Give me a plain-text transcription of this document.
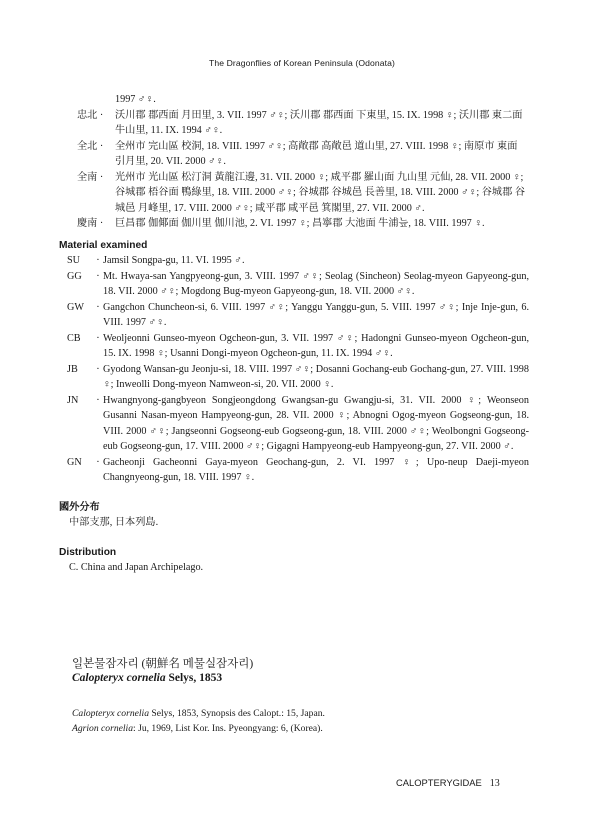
The Dragonflies of Korean Peninsula (Odonata)
1997 ♂♀.
忠北 · 沃川郡 郡西面 月田里, 3. VII. 1997 ♂♀; 沃川郡 郡西面 下東里, 15. IX. 1998 ♀; 沃川郡 東二面 牛山里, 11. IX. 1994 ♂♀.
全北 · 全州市 完山區 校洞, 18. VIII. 1997 ♂♀; 高敞郡 高敞邑 道山里, 27. VIII. 1998 ♀; 南原市 東面 引月里, 20. VII. 2000 ♂♀.
全南 · 光州市 光山區 松汀洞 黃龍江邊, 31. VII. 2000 ♀; 咸平郡 羅山面 九山里 元仙, 28. VII. 2000 ♀; 谷城郡 梧谷面 鴨綠里, 18. VIII. 2000 ♂♀; 谷城郡 谷城邑 長善里, 18. VIII. 2000 ♂♀; 谷城郡 谷城邑 月峰里, 17. VIII. 2000 ♂♀; 咸平郡 咸平邑 箕閣里, 27. VII. 2000 ♂.
慶南 · 巨昌郡 伽倻面 伽川里 伽川池, 2. VI. 1997 ♀; 昌寧郡 大池面 牛浦늪, 18. VIII. 1997 ♀.
Material examined
SU	· Jamsil Songpa-gu, 11. VI. 1995 ♂.
GG	· Mt. Hwaya-san Yangpyeong-gun, 3. VIII. 1997 ♂♀; Seolag (Sincheon) Seolag-myeon Gapyeong-gun, 18. VII. 2000 ♂♀; Mogdong Bug-myeon Gapyeong-gun, 18. VII. 2000 ♂♀.
GW	· Gangchon Chuncheon-si, 6. VIII. 1997 ♂♀; Yanggu Yanggu-gun, 5. VIII. 1997 ♂♀; Inje Inje-gun, 6. VIII. 1997 ♂♀.
CB	· Weoljeonni Gunseo-myeon Ogcheon-gun, 3. VII. 1997 ♂♀; Hadongni Gunseo-myeon Ogcheon-gun, 15. IX. 1998 ♀; Usanni Dongi-myeon Ogcheon-gun, 11. IX. 1994 ♂♀.
JB	· Gyodong Wansan-gu Jeonju-si, 18. VIII. 1997 ♂♀; Dosanni Gochang-eub Gochang-gun, 27. VIII. 1998 ♀; Inweolli Dong-myeon Namweon-si, 20. VII. 2000 ♀.
JN	· Hwangnyong-gangbyeon Songjeongdong Gwangsan-gu Gwangju-si, 31. VII. 2000 ♀; Weonseon Gusanni Nasan-myeon Hampyeong-gun, 28. VII. 2000 ♀; Abnogni Ogog-myeon Gogseong-gun, 18. VIII. 2000 ♂♀; Jangseonni Gogseong-eub Gogseong-gun, 18. VIII. 2000 ♂♀; Weolbongni Gogseong-eub Gogseong-gun, 17. VIII. 2000 ♂♀; Gigagni Hampyeong-eub Hampyeong-gun, 27. VII. 2000 ♂.
GN	· Gacheonji Gacheonni Gaya-myeon Geochang-gun, 2. VI. 1997 ♀; Upo-neup Daeji-myeon Changnyeong-gun, 18. VIII. 1997 ♀.
國外分布
中部支那, 日本列島.
Distribution
C. China and Japan Archipelago.
일본물잠자리 (朝鮮名 메물실잠자리)
Calopteryx cornelia Selys, 1853
Calopteryx cornelia Selys, 1853, Synopsis des Calopt.: 15, Japan.
Agrion cornelia: Ju, 1969, List Kor. Ins. Pyeongyang: 6, (Korea).
CALOPTERYGIDAE 13
